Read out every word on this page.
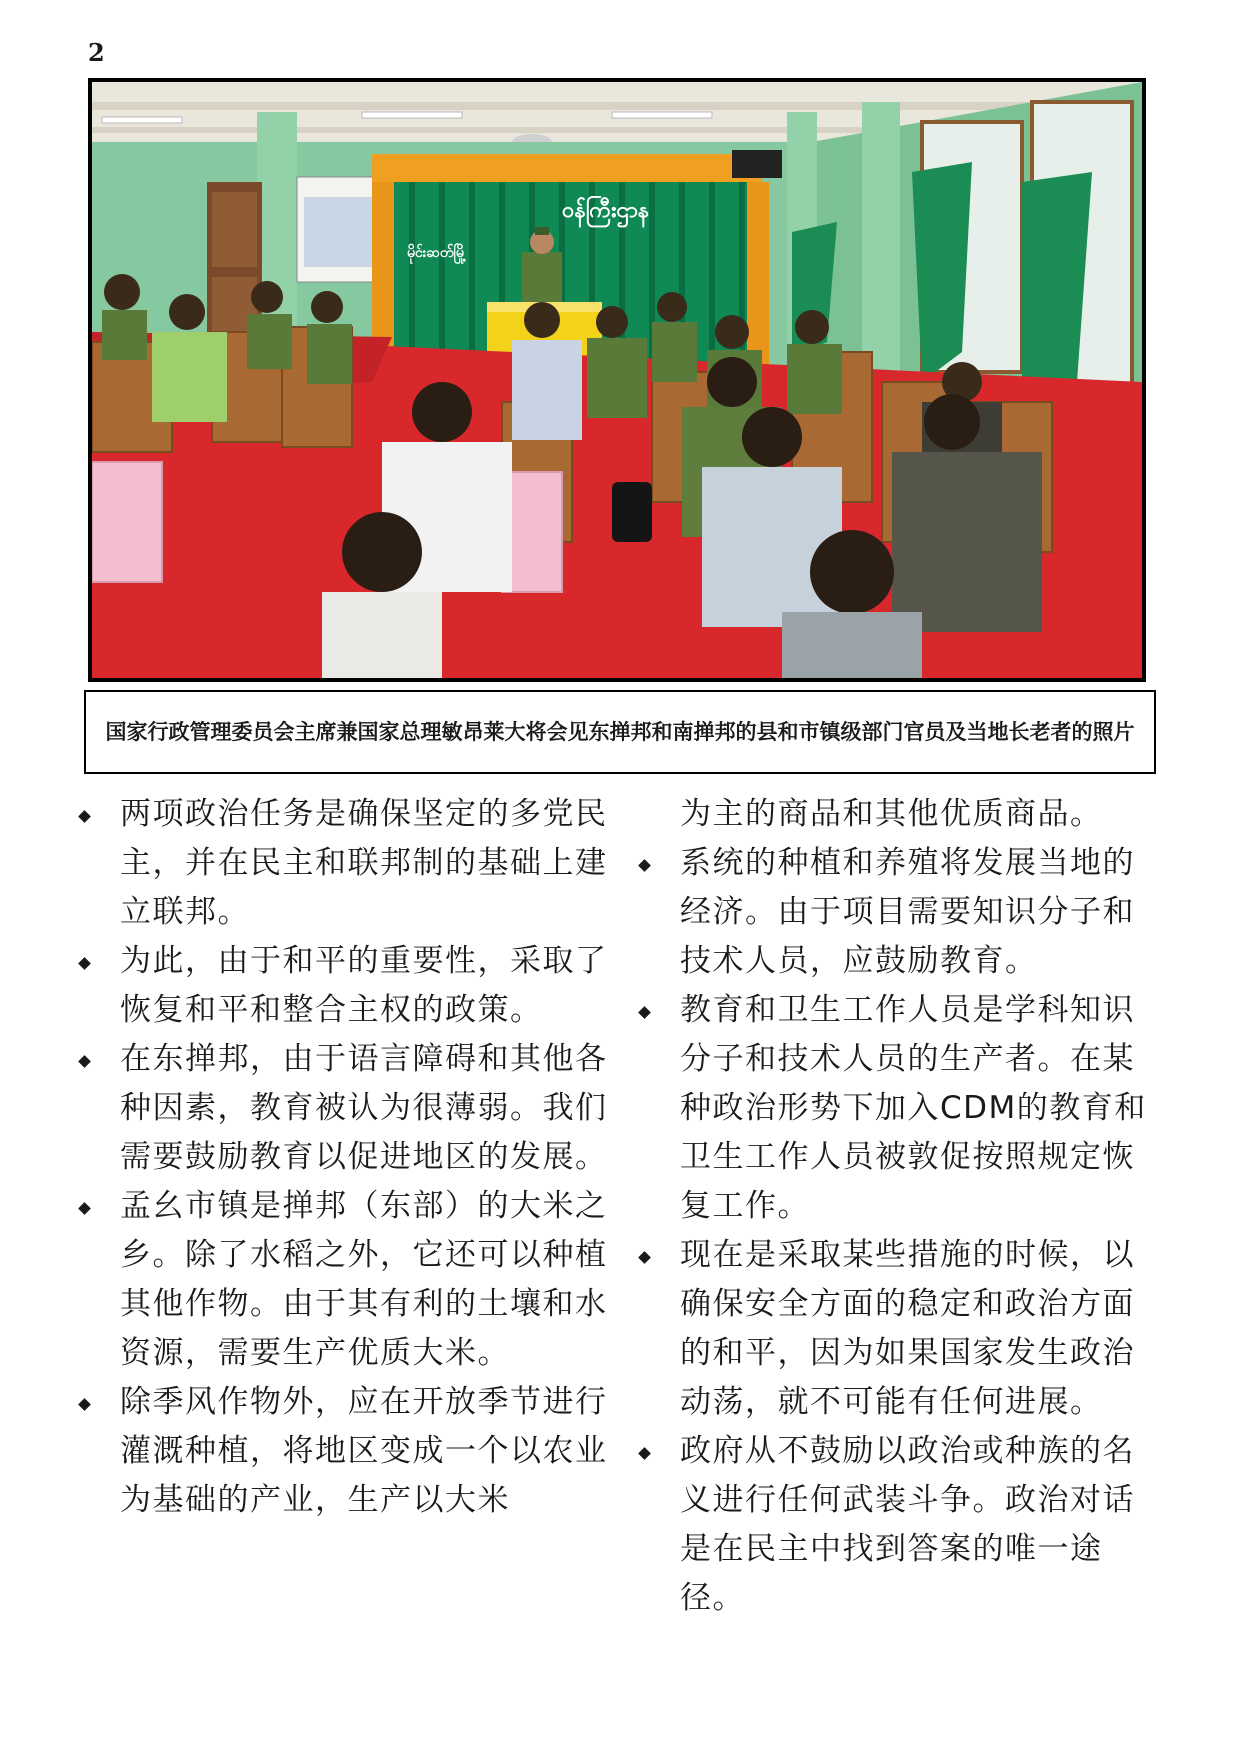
2
ဝန်ကြီးဌာန
မိုင်းဆတ်မြို့
国家行政管理委员会主席兼国家总理敏昂莱大将会见东掸邦和南掸邦的县和市镇级部门官员及当地长老者的照片
两项政治任务是确保坚定的多党民主，并在民主和联邦制的基础上建立联邦。
为此，由于和平的重要性，采取了恢复和平和整合主权的政策。
在东掸邦，由于语言障碍和其他各种因素，教育被认为很薄弱。我们需要鼓励教育以促进地区的发展。
孟幺市镇是掸邦（东部）的大米之乡。除了水稻之外，它还可以种植其他作物。由于其有利的土壤和水资源，需要生产优质大米。
除季风作物外，应在开放季节进行灌溉种植，将地区变成一个以农业为基础的产业，生产以大米
为主的商品和其他优质商品。
系统的种植和养殖将发展当地的经济。由于项目需要知识分子和技术人员，应鼓励教育。
教育和卫生工作人员是学科知识分子和技术人员的生产者。在某种政治形势下加入CDM的教育和卫生工作人员被敦促按照规定恢复工作。
现在是采取某些措施的时候，以确保安全方面的稳定和政治方面的和平，因为如果国家发生政治动荡，就不可能有任何进展。
政府从不鼓励以政治或种族的名义进行任何武装斗争。政治对话是在民主中找到答案的唯一途径。
